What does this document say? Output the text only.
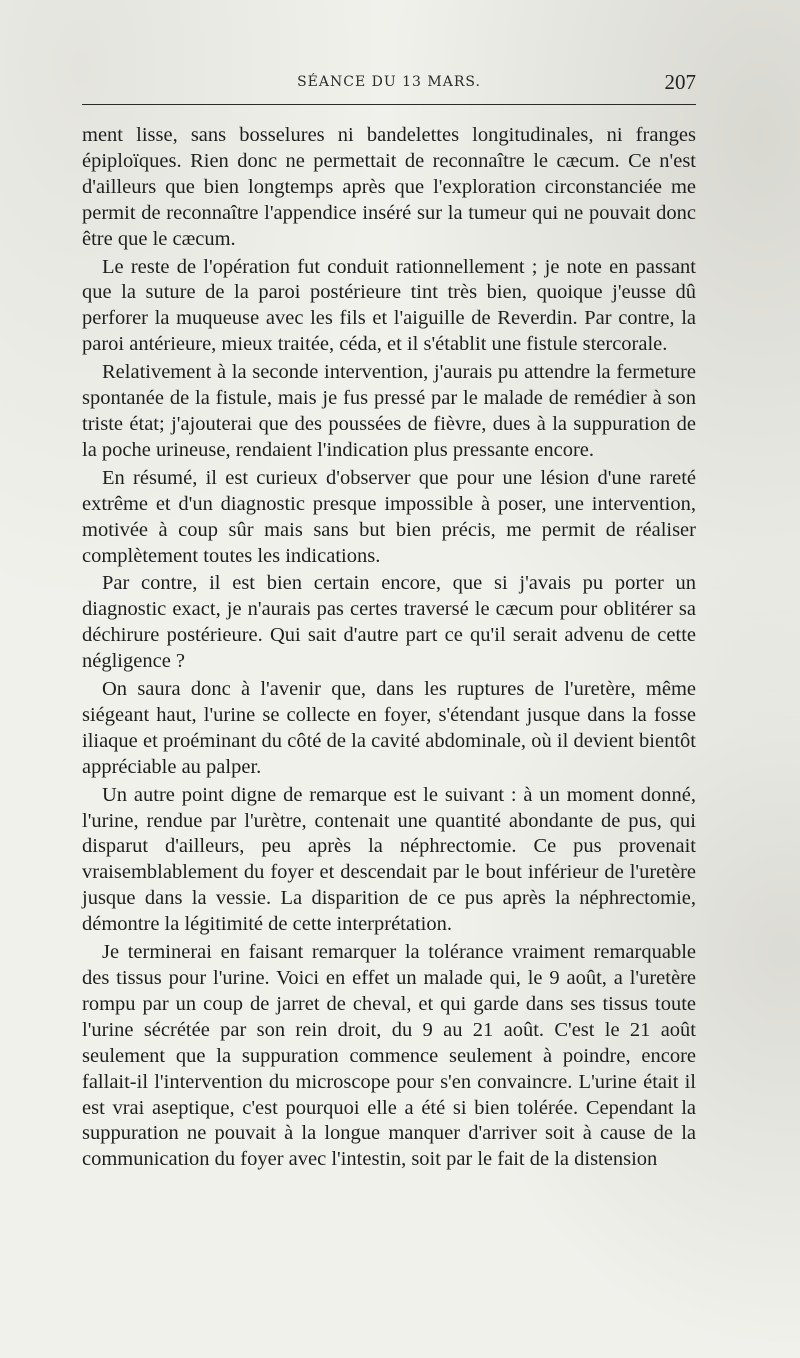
SÉANCE DU 13 MARS.	207

ment lisse, sans bosselures ni bandelettes longitudinales, ni franges épiploïques. Rien donc ne permettait de reconnaître le cæcum. Ce n'est d'ailleurs que bien longtemps après que l'exploration circonstanciée me permit de reconnaître l'appendice inséré sur la tumeur qui ne pouvait donc être que le cæcum.

Le reste de l'opération fut conduit rationnellement ; je note en passant que la suture de la paroi postérieure tint très bien, quoique j'eusse dû perforer la muqueuse avec les fils et l'aiguille de Reverdin. Par contre, la paroi antérieure, mieux traitée, céda, et il s'établit une fistule stercorale.

Relativement à la seconde intervention, j'aurais pu attendre la fermeture spontanée de la fistule, mais je fus pressé par le malade de remédier à son triste état; j'ajouterai que des poussées de fièvre, dues à la suppuration de la poche urineuse, rendaient l'indication plus pressante encore.

En résumé, il est curieux d'observer que pour une lésion d'une rareté extrême et d'un diagnostic presque impossible à poser, une intervention, motivée à coup sûr mais sans but bien précis, me permit de réaliser complètement toutes les indications.

Par contre, il est bien certain encore, que si j'avais pu porter un diagnostic exact, je n'aurais pas certes traversé le cæcum pour oblitérer sa déchirure postérieure. Qui sait d'autre part ce qu'il serait advenu de cette négligence ?

On saura donc à l'avenir que, dans les ruptures de l'uretère, même siégeant haut, l'urine se collecte en foyer, s'étendant jusque dans la fosse iliaque et proéminant du côté de la cavité abdominale, où il devient bientôt appréciable au palper.

Un autre point digne de remarque est le suivant : à un moment donné, l'urine, rendue par l'urètre, contenait une quantité abondante de pus, qui disparut d'ailleurs, peu après la néphrectomie. Ce pus provenait vraisemblablement du foyer et descendait par le bout inférieur de l'uretère jusque dans la vessie. La disparition de ce pus après la néphrectomie, démontre la légitimité de cette interprétation.

Je terminerai en faisant remarquer la tolérance vraiment remarquable des tissus pour l'urine. Voici en effet un malade qui, le 9 août, a l'uretère rompu par un coup de jarret de cheval, et qui garde dans ses tissus toute l'urine sécrétée par son rein droit, du 9 au 21 août. C'est le 21 août seulement que la suppuration commence seulement à poindre, encore fallait-il l'intervention du microscope pour s'en convaincre. L'urine était il est vrai aseptique, c'est pourquoi elle a été si bien tolérée. Cependant la suppuration ne pouvait à la longue manquer d'arriver soit à cause de la communication du foyer avec l'intestin, soit par le fait de la distension
